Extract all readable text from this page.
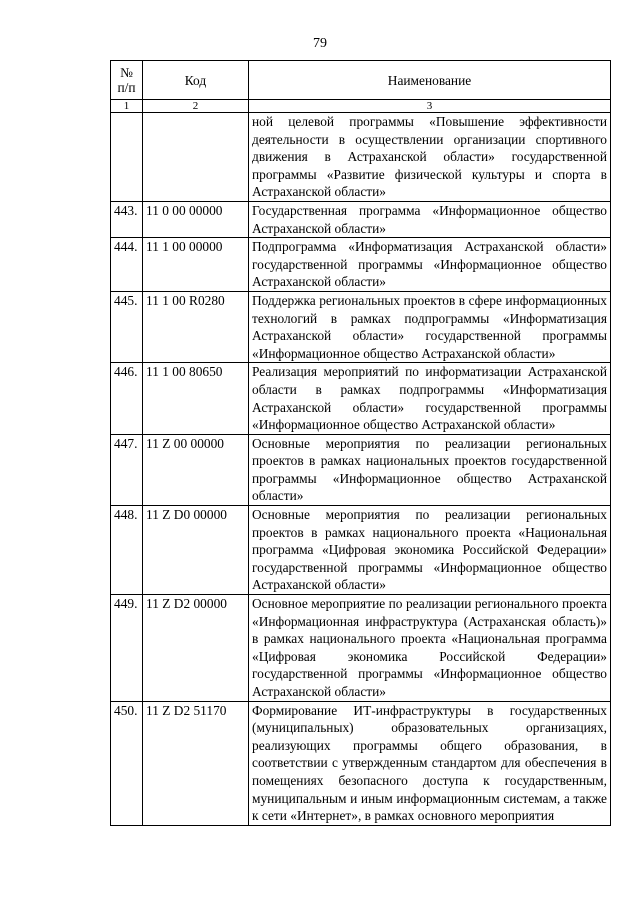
79
№ п/п	Код	Наименование
1	2	3
		ной целевой программы «Повышение эффективности деятельности в осуществлении организации спортивного движения в Астраханской области» государственной программы «Развитие физической культуры и спорта в Астраханской области»
443.	11 0 00 00000	Государственная программа «Информационное общество Астраханской области»
444.	11 1 00 00000	Подпрограмма «Информатизация Астраханской области» государственной программы «Информационное общество Астраханской области»
445.	11 1 00 R0280	Поддержка региональных проектов в сфере информационных технологий в рамках подпрограммы «Информатизация Астраханской области» государственной программы «Информационное общество Астраханской области»
446.	11 1 00 80650	Реализация мероприятий по информатизации Астраханской области в рамках подпрограммы «Информатизация Астраханской области» государственной программы «Информационное общество Астраханской области»
447.	11 Z 00 00000	Основные мероприятия по реализации региональных проектов в рамках национальных проектов государственной программы «Информационное общество Астраханской области»
448.	11 Z D0 00000	Основные мероприятия по реализации региональных проектов в рамках национального проекта «Национальная программа «Цифровая экономика Российской Федерации» государственной программы «Информационное общество Астраханской области»
449.	11 Z D2 00000	Основное мероприятие по реализации регионального проекта «Информационная инфраструктура (Астраханская область)» в рамках национального проекта «Национальная программа «Цифровая экономика Российской Федерации» государственной программы «Информационное общество Астраханской области»
450.	11 Z D2 51170	Формирование ИТ-инфраструктуры в государственных (муниципальных) образовательных организациях, реализующих программы общего образования, в соответствии с утвержденным стандартом для обеспечения в помещениях безопасного доступа к государственным, муниципальным и иным информационным системам, а также к сети «Интернет», в рамках основного мероприятия
